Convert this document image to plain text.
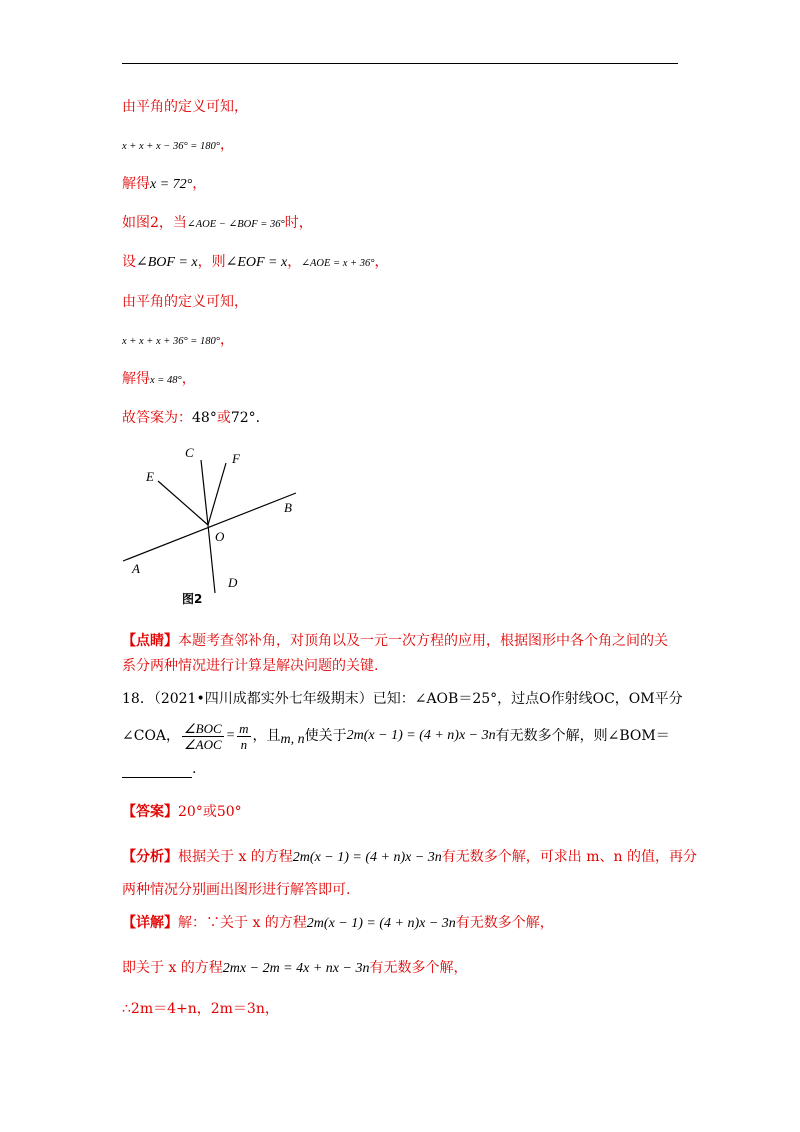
由平角的定义可知，
x + x + x − 36° = 180°，
解得x = 72°，
如图2，当∠AOE − ∠BOF = 36°时，
设∠BOF = x，则∠EOF = x，∠AOE = x + 36°，
由平角的定义可知，
x + x + x + 36° = 180°，
解得x = 48°，
故答案为：48°或72°.
A
B
C
D
E
F
O
图2
【点睛】本题考查邻补角，对顶角以及一元一次方程的应用，根据图形中各个角之间的关
系分两种情况进行计算是解决问题的关键.
18．（2021•四川成都实外七年级期末）已知：∠AOB＝25°，过点O作射线OC，OM平分
∠COA， $\frac{\text{∠BOC}}{\text{∠AOC}} = \frac{m}{n}$ ，且 m, n 使关于 2m(x − 1) = (4 + n)x − 3n 有无数多个解，则∠BOM＝
.
【答案】20°或50°
【分析】根据关于 x 的方程2m(x − 1) = (4 + n)x − 3n有无数多个解，可求出 m、n 的值，再分
两种情况分别画出图形进行解答即可.
【详解】解：∵关于 x 的方程2m(x − 1) = (4 + n)x − 3n有无数多个解，
即关于 x 的方程2mx − 2m = 4x + nx − 3n有无数多个解，
∴2m＝4+n，2m＝3n，
